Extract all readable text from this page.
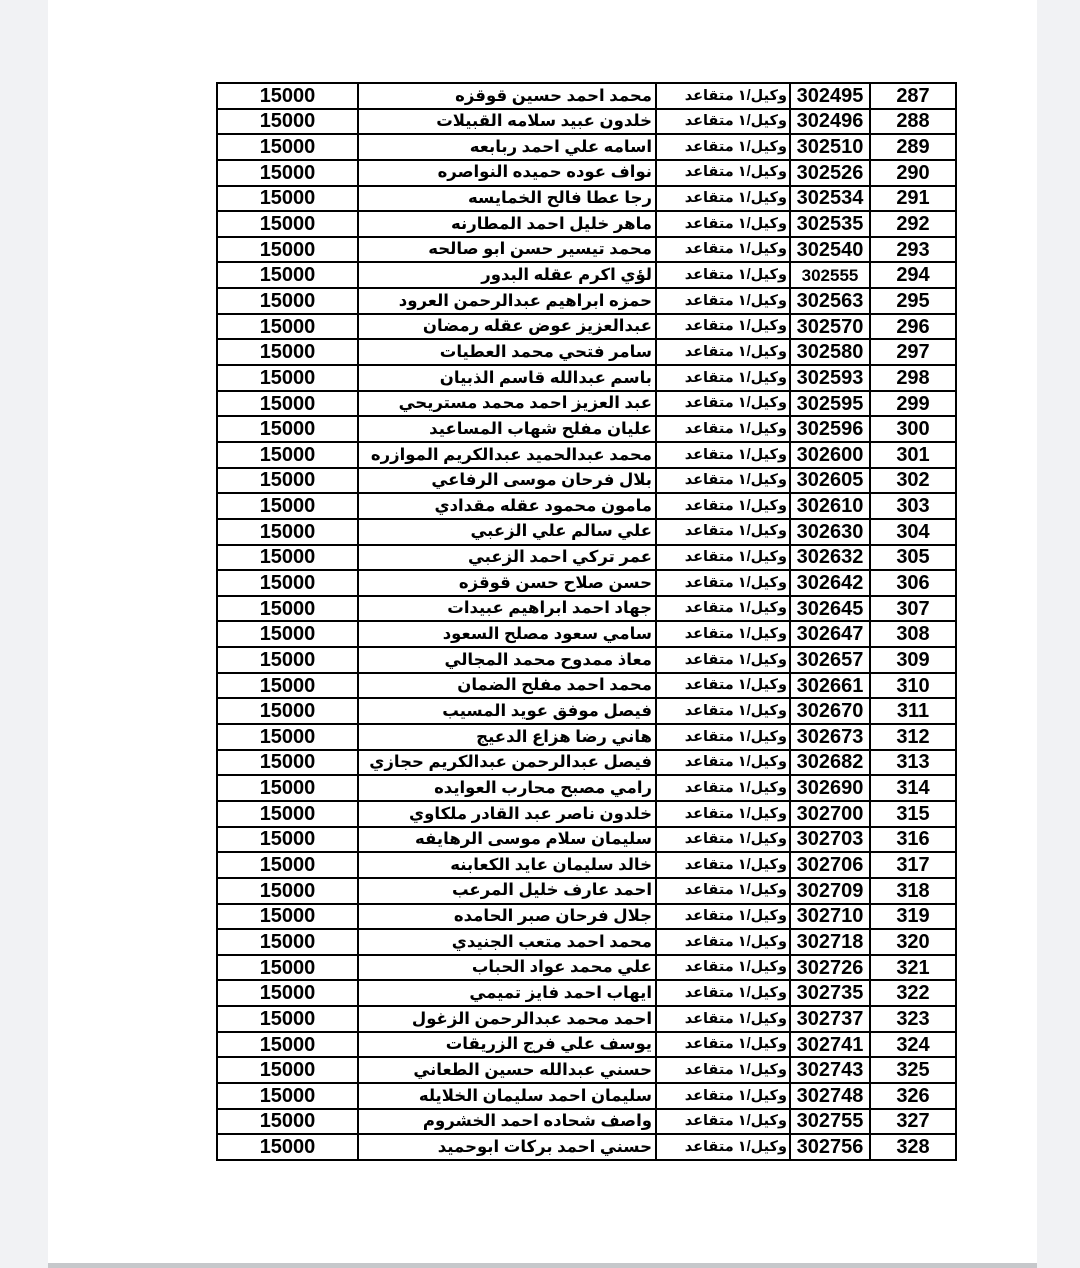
287	302495	وكيل/١ متقاعد	محمد احمد حسين قوقزه	15000
288	302496	وكيل/١ متقاعد	خلدون عبيد سلامه القبيلات	15000
289	302510	وكيل/١ متقاعد	اسامه علي احمد ربابعه	15000
290	302526	وكيل/١ متقاعد	نواف عوده حميده النواصره	15000
291	302534	وكيل/١ متقاعد	رجا عطا فالح الخمايسه	15000
292	302535	وكيل/١ متقاعد	ماهر خليل احمد المطارنه	15000
293	302540	وكيل/١ متقاعد	محمد تيسير حسن ابو صالحه	15000
294	302555	وكيل/١ متقاعد	لؤي اكرم عقله البدور	15000
295	302563	وكيل/١ متقاعد	حمزه ابراهيم عبدالرحمن العرود	15000
296	302570	وكيل/١ متقاعد	عبدالعزيز عوض عقله رمضان	15000
297	302580	وكيل/١ متقاعد	سامر فتحي محمد العطيات	15000
298	302593	وكيل/١ متقاعد	باسم عبدالله قاسم الذبيان	15000
299	302595	وكيل/١ متقاعد	عبد العزيز احمد محمد مستريحي	15000
300	302596	وكيل/١ متقاعد	عليان مفلح شهاب المساعيد	15000
301	302600	وكيل/١ متقاعد	محمد عبدالحميد عبدالكريم الموازره	15000
302	302605	وكيل/١ متقاعد	بلال فرحان موسى الرفاعي	15000
303	302610	وكيل/١ متقاعد	مامون محمود عقله مقدادي	15000
304	302630	وكيل/١ متقاعد	علي سالم علي الزعبي	15000
305	302632	وكيل/١ متقاعد	عمر تركي احمد الزعبي	15000
306	302642	وكيل/١ متقاعد	حسن صلاح حسن قوقزه	15000
307	302645	وكيل/١ متقاعد	جهاد احمد ابراهيم عبيدات	15000
308	302647	وكيل/١ متقاعد	سامي سعود مصلح السعود	15000
309	302657	وكيل/١ متقاعد	معاذ ممدوح محمد المجالي	15000
310	302661	وكيل/١ متقاعد	محمد احمد مفلح الضمان	15000
311	302670	وكيل/١ متقاعد	فيصل موفق عويد المسيب	15000
312	302673	وكيل/١ متقاعد	هاني رضا هزاع الدعيج	15000
313	302682	وكيل/١ متقاعد	فيصل عبدالرحمن عبدالكريم حجازي	15000
314	302690	وكيل/١ متقاعد	رامي مصبح محارب العوايده	15000
315	302700	وكيل/١ متقاعد	خلدون ناصر عبد القادر ملكاوي	15000
316	302703	وكيل/١ متقاعد	سليمان سلام موسى الرهايفه	15000
317	302706	وكيل/١ متقاعد	خالد سليمان عايد الكعابنه	15000
318	302709	وكيل/١ متقاعد	احمد عارف خليل المرعب	15000
319	302710	وكيل/١ متقاعد	جلال فرحان صبر الحامده	15000
320	302718	وكيل/١ متقاعد	محمد احمد متعب الجنيدي	15000
321	302726	وكيل/١ متقاعد	علي محمد عواد الحباب	15000
322	302735	وكيل/١ متقاعد	ايهاب احمد فايز تميمي	15000
323	302737	وكيل/١ متقاعد	احمد محمد عبدالرحمن الزغول	15000
324	302741	وكيل/١ متقاعد	يوسف علي فرج الزريقات	15000
325	302743	وكيل/١ متقاعد	حسني عبدالله حسين الطعاني	15000
326	302748	وكيل/١ متقاعد	سليمان احمد سليمان الخلايله	15000
327	302755	وكيل/١ متقاعد	واصف شحاده احمد الخشروم	15000
328	302756	وكيل/١ متقاعد	حسني احمد بركات ابوحميد	15000
